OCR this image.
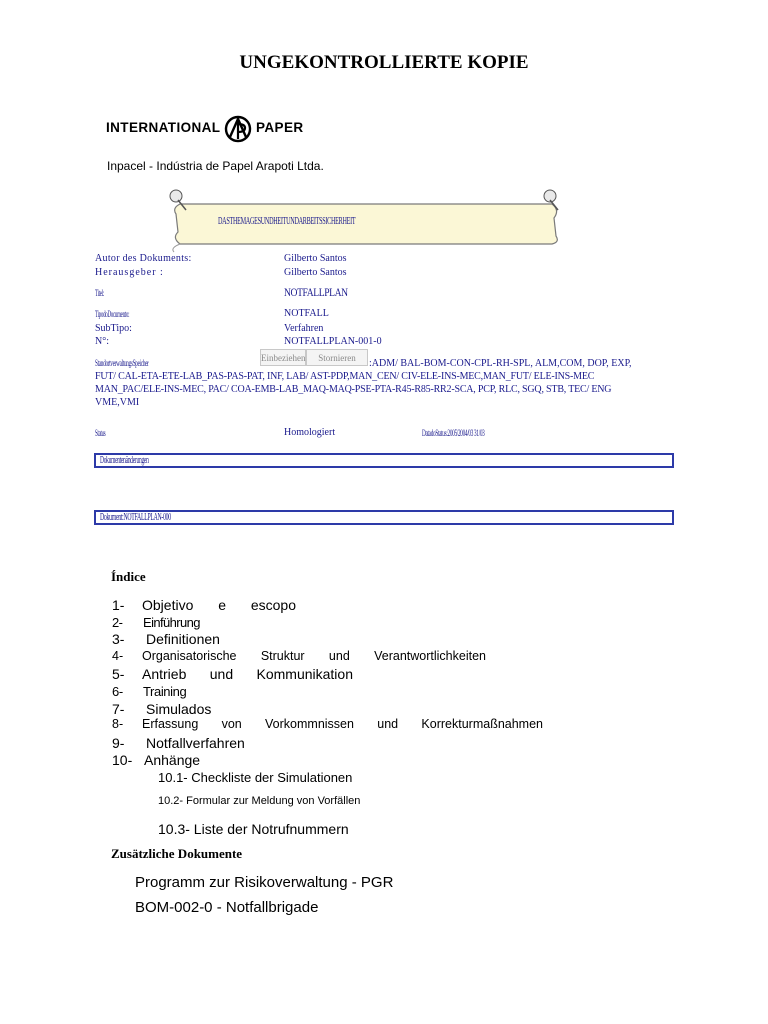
UNGEKONTROLLIERTE KOPIE
INTERNATIONAL	PAPER
Inpacel - Indústria de Papel Arapoti Ltda.
DASTHEMAGESUNDHEITUNDARBEITSSICHERHEIT
Autor des Dokuments:	Gilberto Santos
Herausgeber :	Gilberto Santos
Titel:	NOTFALLPLAN
TipodoDocumento:	NOTFALL
SubTipo:	Verfahren
N°:	NOTFALLPLAN-001-0
StandortverwaltungsSpeicher	Einbeziehen	Stornieren	:ADM/ BAL-BOM-CON-CPL-RH-SPL, ALM,COM, DOP, EXP,
FUT/ CAL-ETA-ETE-LAB_PAS-PAS-PAT, INF, LAB/ AST-PDP,MAN_CEN/ CIV-ELE-INS-MEC,MAN_FUT/ ELE-INS-MEC
MAN_PAC/ELE-INS-MEC, PAC/ COA-EMB-LAB_MAQ-MAQ-PSE-PTA-R45-R85-RR2-SCA, PCP, RLC, SGQ, STB, TEC/ ENG
VME,VMI
Status	Homologiert	DatadoStatus:2005/2004/03 31/03
Dokumentenänderungen
Dokument:NOTFALLPLAN-000
Índice
1-	Objetivo e escopo
2- Einführung
3- Definitionen
4-	Organisatorische Struktur und Verantwortlichkeiten
5-	Antrieb und Kommunikation
6- Training
7- Simulados
8-	Erfassung von Vorkommnissen und Korrekturmaßnahmen
9- Notfallverfahren
10- Anhänge
10.1- Checkliste der Simulationen
10.2- Formular zur Meldung von Vorfällen
10.3- Liste der Notrufnummern
Zusätzliche Dokumente
Programm zur Risikoverwaltung - PGR
BOM-002-0 - Notfallbrigade
